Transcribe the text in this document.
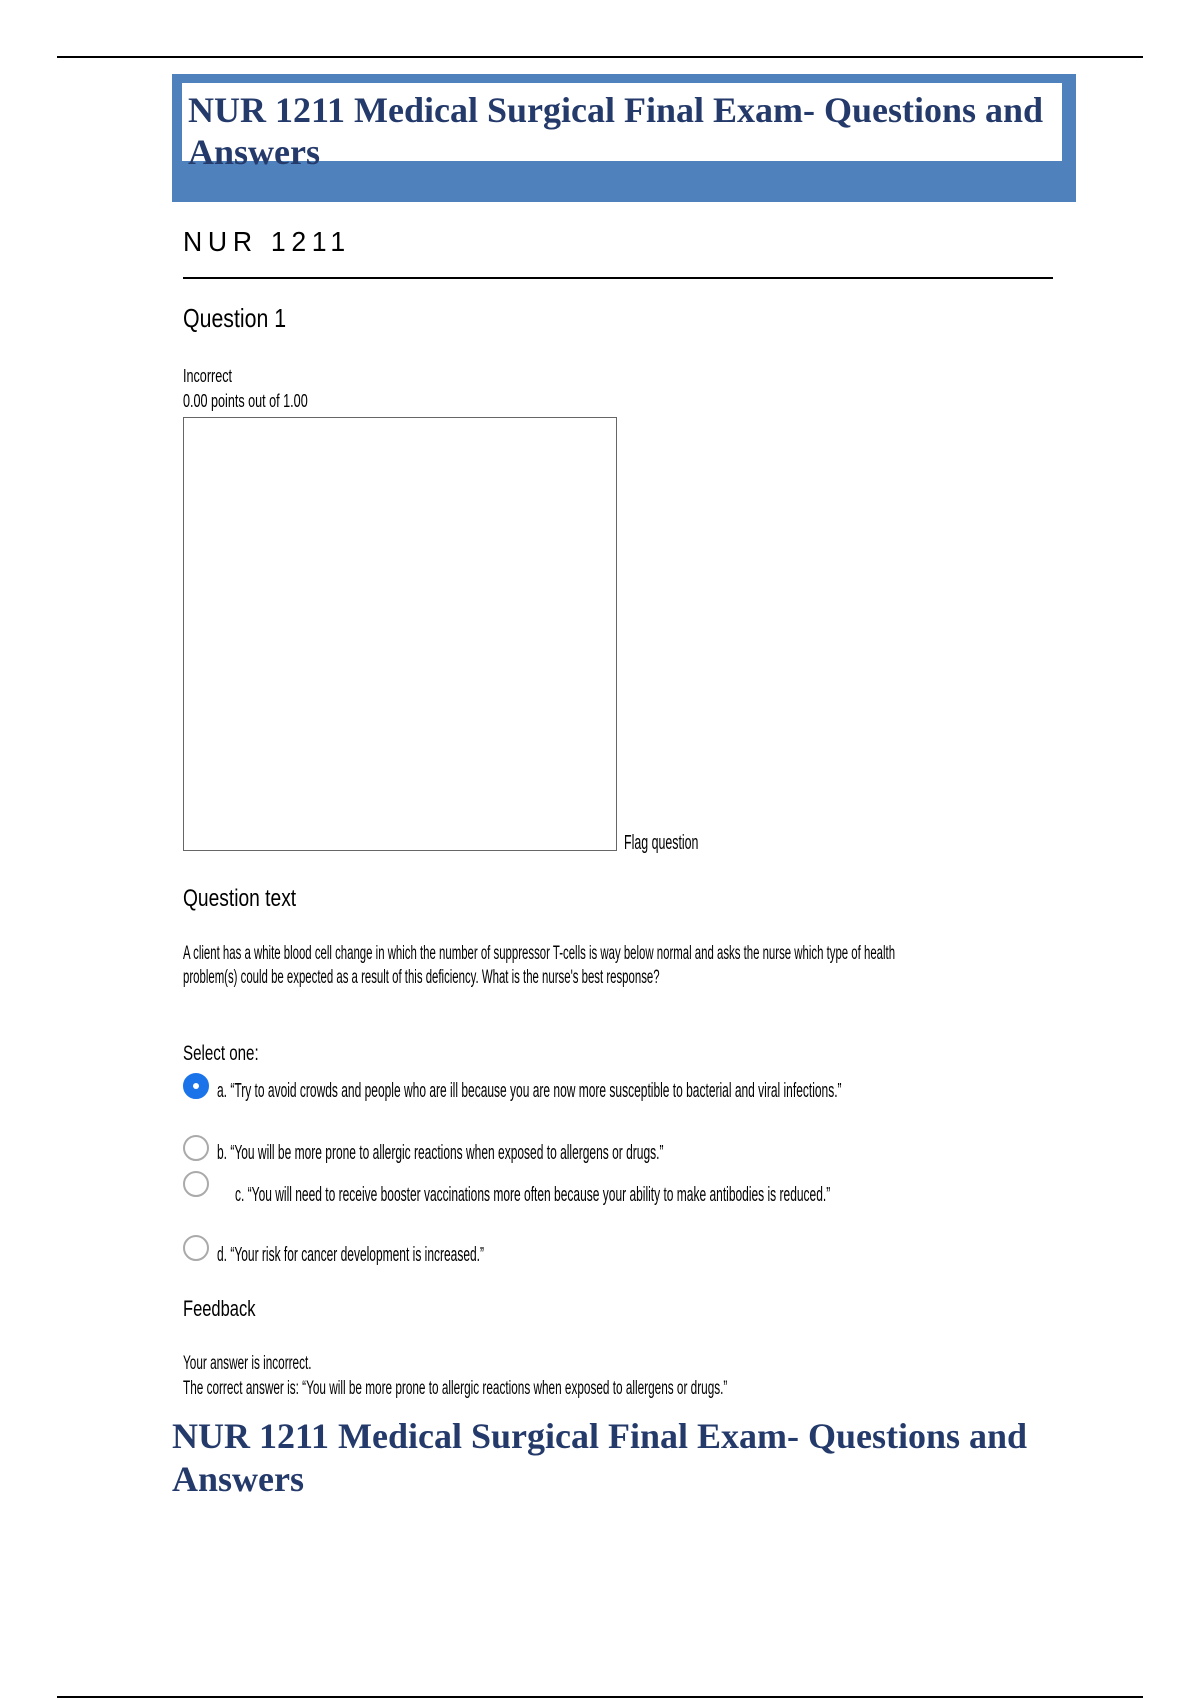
NUR 1211 Medical Surgical Final Exam- Questions and Answers
NUR 1211
Question 1
Incorrect
0.00 points out of 1.00
Flag question
Question text
A client has a white blood cell change in which the number of suppressor T-cells is way below normal and asks the nurse which type of health problem(s) could be expected as a result of this deficiency. What is the nurse's best response?
Select one:
a. “Try to avoid crowds and people who are ill because you are now more susceptible to bacterial and viral infections.”
b. “You will be more prone to allergic reactions when exposed to allergens or drugs.”
c. “You will need to receive booster vaccinations more often because your ability to make antibodies is reduced.”
d. “Your risk for cancer development is increased.”
Feedback
Your answer is incorrect.
The correct answer is: “You will be more prone to allergic reactions when exposed to allergens or drugs.”
NUR 1211 Medical Surgical Final Exam- Questions and Answers
